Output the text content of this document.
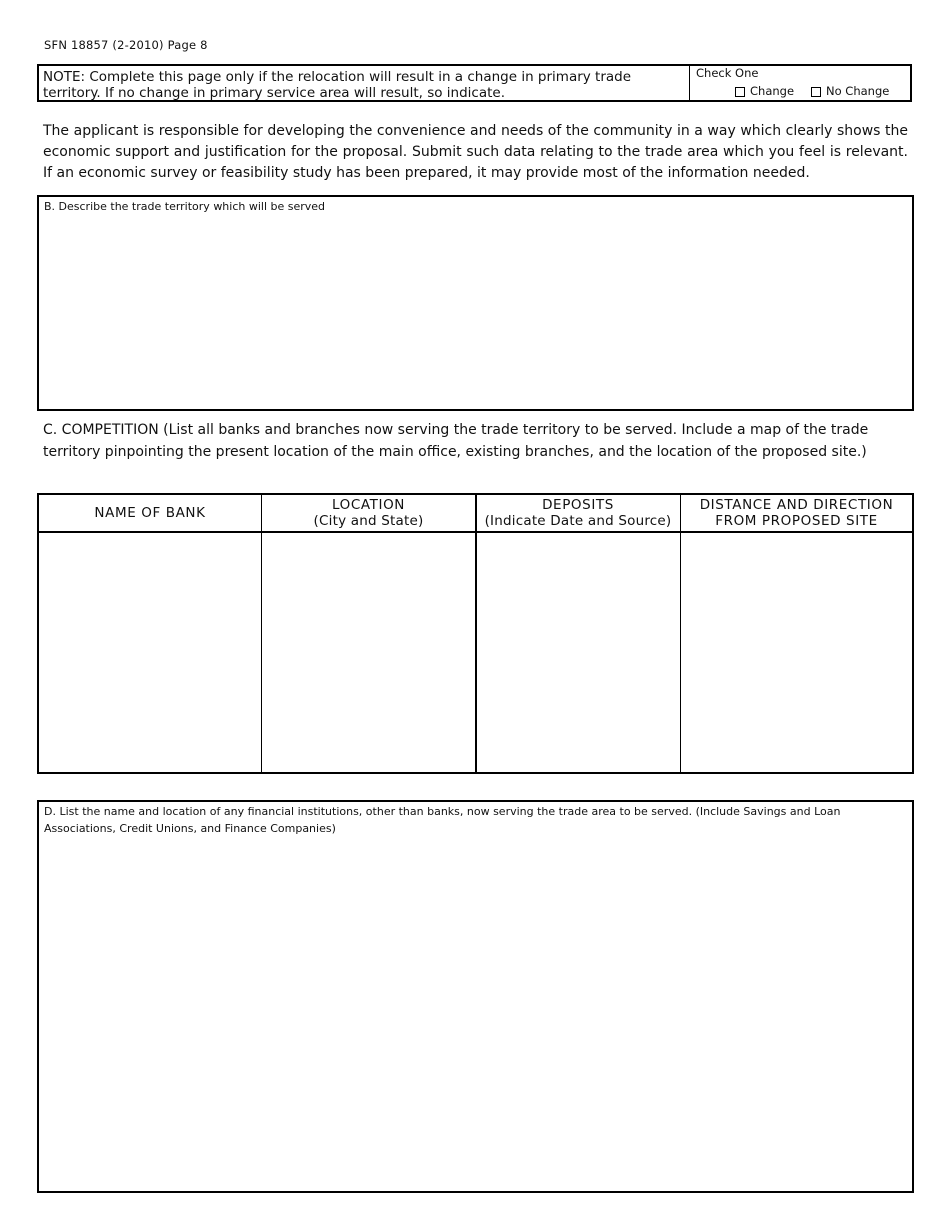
SFN 18857 (2-2010) Page 8
NOTE: Complete this page only if the relocation will result in a change in primary trade territory. If no change in primary service area will result, so indicate.
Check One
Change	No Change
The applicant is responsible for developing the convenience and needs of the community in a way which clearly shows the economic support and justification for the proposal. Submit such data relating to the trade area which you feel is relevant. If an economic survey or feasibility study has been prepared, it may provide most of the information needed.
B. Describe the trade territory which will be served
C. COMPETITION (List all banks and branches now serving the trade territory to be served. Include a map of the trade territory pinpointing the present location of the main office, existing branches, and the location of the proposed site.)
NAME OF BANK	LOCATION
(City and State)
DEPOSITS
(Indicate Date and Source)
DISTANCE AND DIRECTION
FROM PROPOSED SITE
D. List the name and location of any financial institutions, other than banks, now serving the trade area to be served. (Include Savings and Loan Associations, Credit Unions, and Finance Companies)
